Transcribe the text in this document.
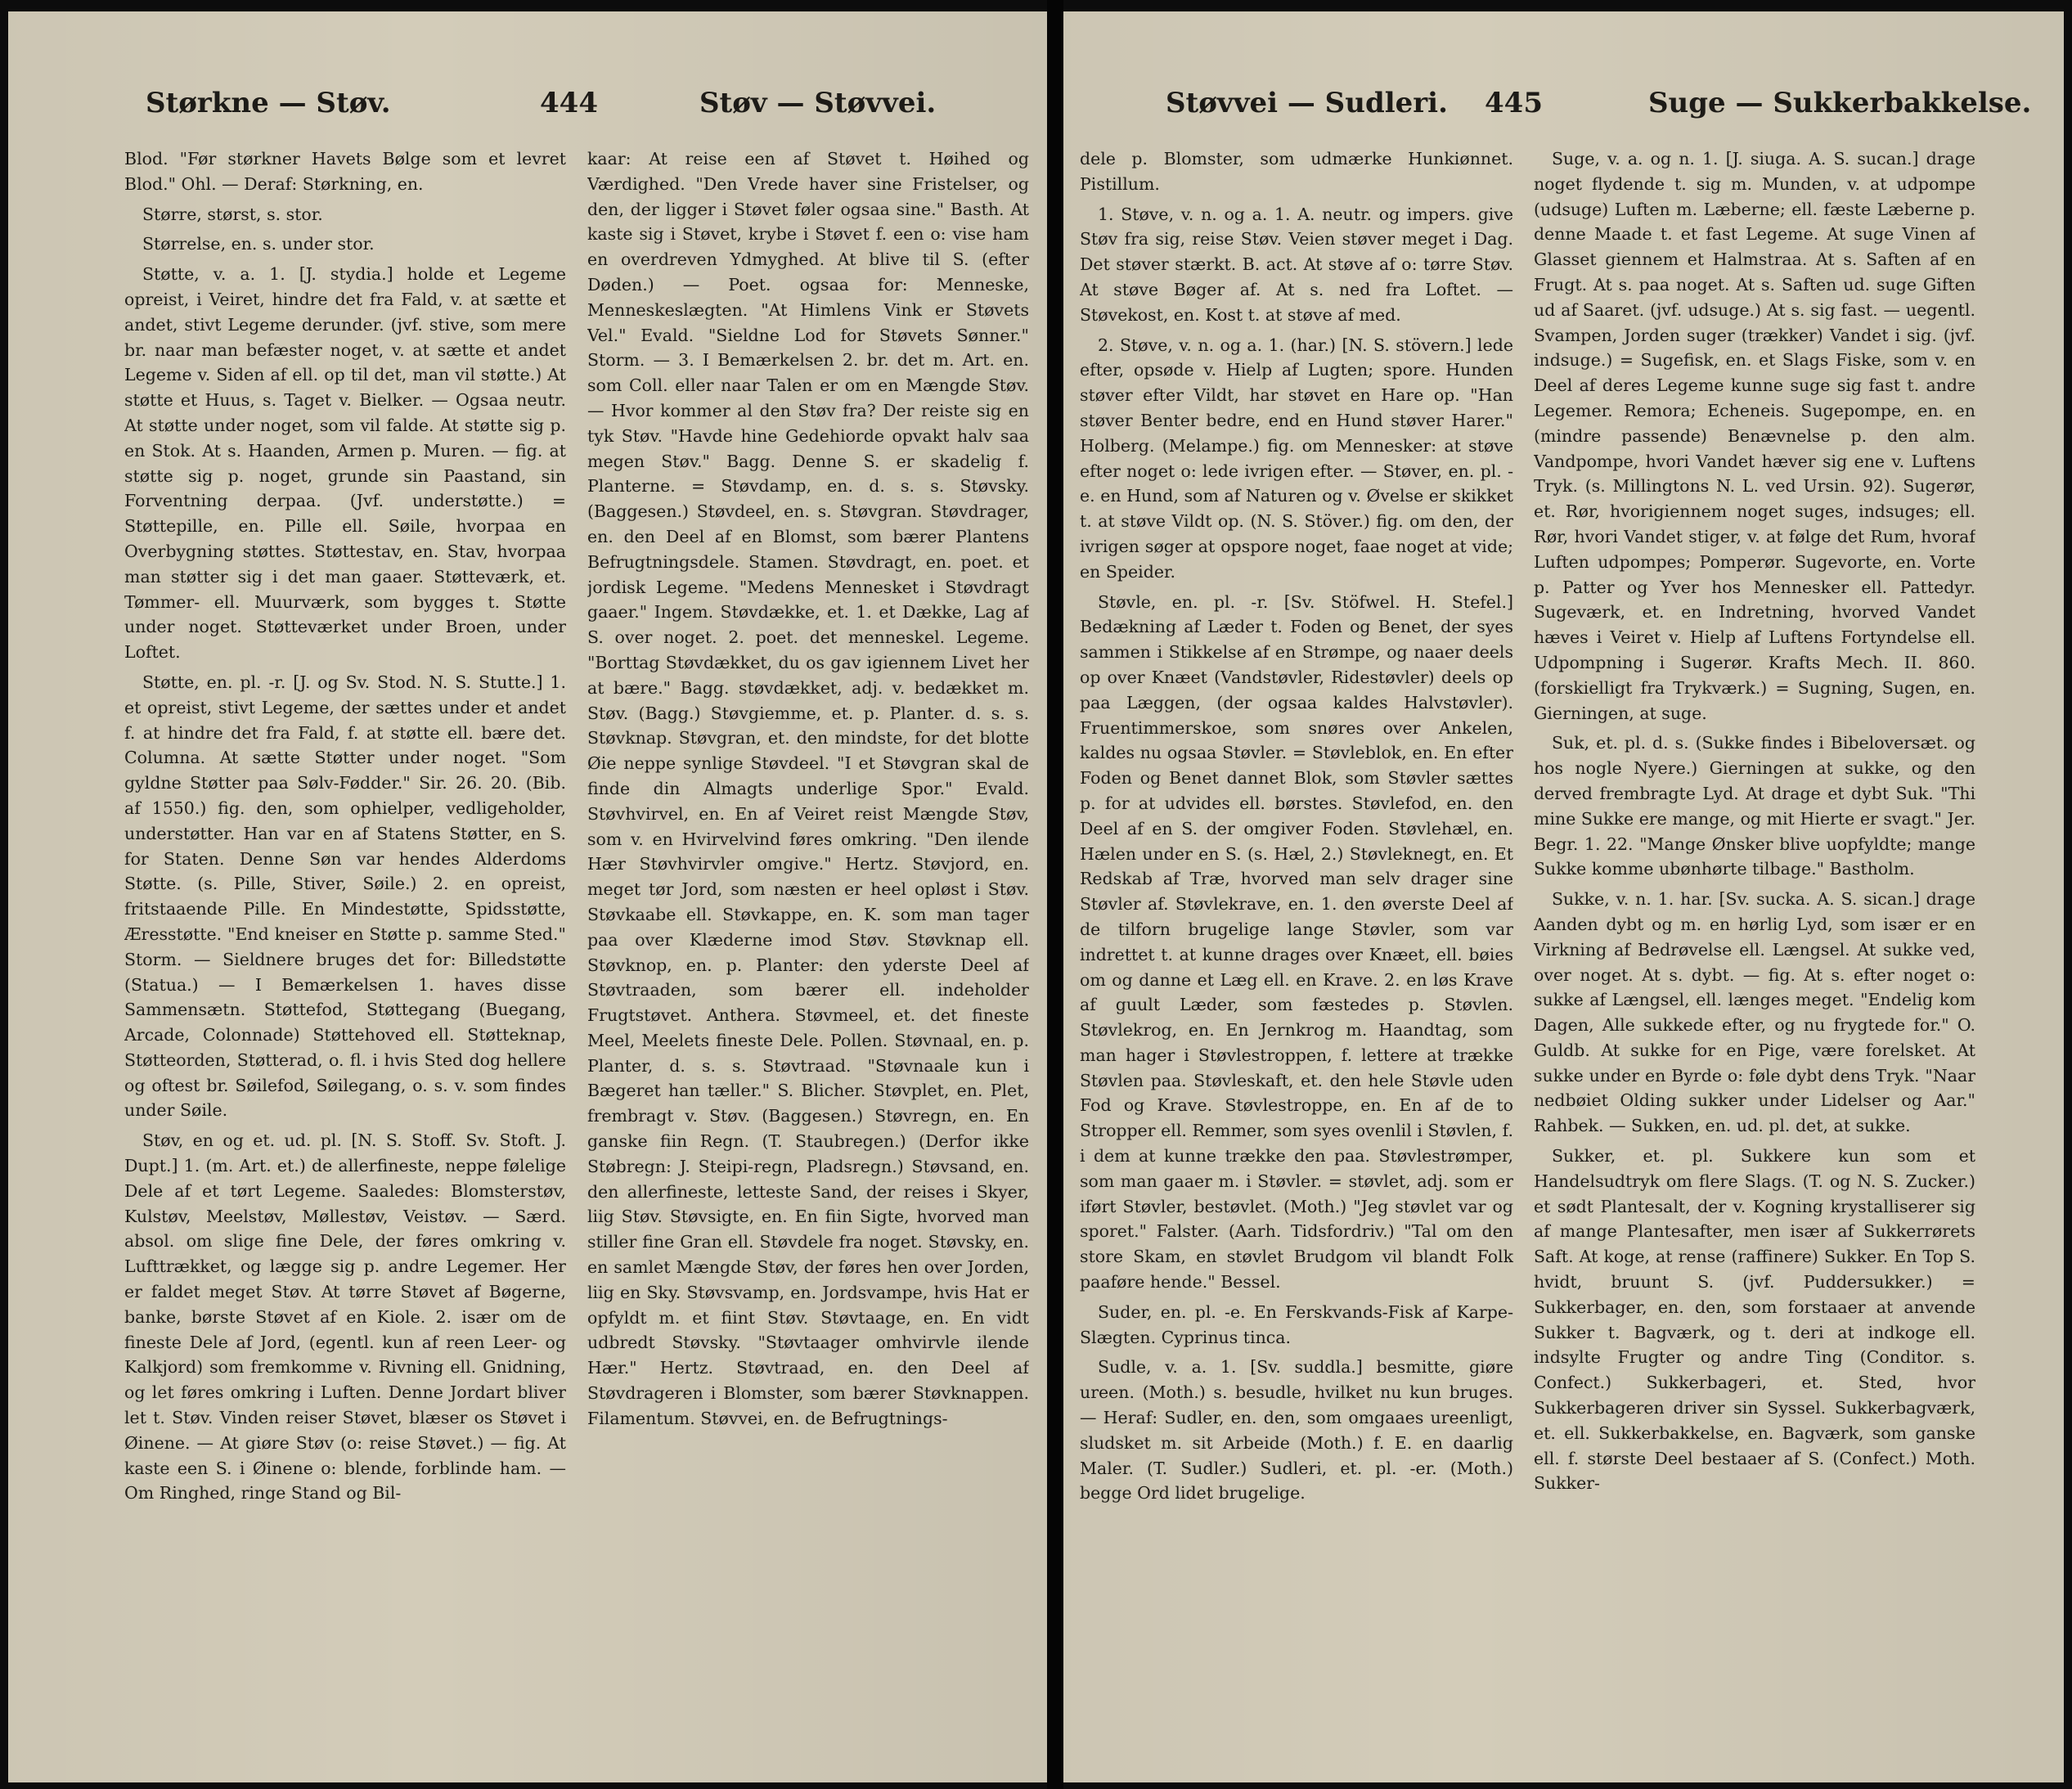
Størkne — Støv.	444	Støv — Støvvei.

Blod. "Før størkner Havets Bølge som et levret Blod." Ohl. — Deraf: Størkning, en.

Større, størst, s. stor.

Størrelse, en. s. under stor.

Støtte, v. a. 1. [J. stydia.] holde et Legeme opreist, i Veiret, hindre det fra Fald, v. at sætte et andet, stivt Legeme derunder. (jvf. stive, som mere br. naar man befæster noget, v. at sætte et andet Legeme v. Siden af ell. op til det, man vil støtte.) At støtte et Huus, s. Taget v. Bielker. — Ogsaa neutr. At støtte under noget, som vil falde. At støtte sig p. en Stok. At s. Haanden, Armen p. Muren. — fig. at støtte sig p. noget, grunde sin Paastand, sin Forventning derpaa. (Jvf. understøtte.) = Støttepille, en. Pille ell. Søile, hvorpaa en Overbygning støttes. Støttestav, en. Stav, hvorpaa man støtter sig i det man gaaer. Støtteværk, et. Tømmer- ell. Muurværk, som bygges t. Støtte under noget. Støtteværket under Broen, under Loftet.

Støtte, en. pl. -r. [J. og Sv. Stod. N. S. Stutte.] 1. et opreist, stivt Legeme, der sættes under et andet f. at hindre det fra Fald, f. at støtte ell. bære det. Columna. At sætte Støtter under noget. "Som gyldne Støtter paa Sølv-Fødder." Sir. 26. 20. (Bib. af 1550.) fig. den, som ophielper, vedligeholder, understøtter. Han var en af Statens Støtter, en S. for Staten. Denne Søn var hendes Alderdoms Støtte. (s. Pille, Stiver, Søile.) 2. en opreist, fritstaaende Pille. En Mindestøtte, Spidsstøtte, Æresstøtte. "End kneiser en Støtte p. samme Sted." Storm. — Sieldnere bruges det for: Billedstøtte (Statua.) — I Bemærkelsen 1. haves disse Sammensætn. Støttefod, Støttegang (Buegang, Arcade, Colonnade) Støttehoved ell. Støtteknap, Støtteorden, Støtterad, o. fl. i hvis Sted dog hellere og oftest br. Søilefod, Søilegang, o. s. v. som findes under Søile.

Støv, en og et. ud. pl. [N. S. Stoff. Sv. Stoft. J. Dupt.] 1. (m. Art. et.) de allerfineste, neppe følelige Dele af et tørt Legeme. Saaledes: Blomsterstøv, Kulstøv, Meelstøv, Møllestøv, Veistøv. — Særd. absol. om slige fine Dele, der føres omkring v. Lufttrækket, og lægge sig p. andre Legemer. Her er faldet meget Støv. At tørre Støvet af Bøgerne, banke, børste Støvet af en Kiole. 2. især om de fineste Dele af Jord, (egentl. kun af reen Leer- og Kalkjord) som fremkomme v. Rivning ell. Gnidning, og let føres omkring i Luften. Denne Jordart bliver let t. Støv. Vinden reiser Støvet, blæser os Støvet i Øinene. — At giøre Støv (o: reise Støvet.) — fig. At kaste een S. i Øinene o: blende, forblinde ham. — Om Ringhed, ringe Stand og Bil-

kaar: At reise een af Støvet t. Høihed og Værdighed. "Den Vrede haver sine Fristelser, og den, der ligger i Støvet føler ogsaa sine." Basth. At kaste sig i Støvet, krybe i Støvet f. een o: vise ham en overdreven Ydmyghed. At blive til S. (efter Døden.) — Poet. ogsaa for: Menneske, Menneskeslægten. "At Himlens Vink er Støvets Vel." Evald. "Sieldne Lod for Støvets Sønner." Storm. — 3. I Bemærkelsen 2. br. det m. Art. en. som Coll. eller naar Talen er om en Mængde Støv. — Hvor kommer al den Støv fra? Der reiste sig en tyk Støv. "Havde hine Gedehiorde opvakt halv saa megen Støv." Bagg. Denne S. er skadelig f. Planterne. = Støvdamp, en. d. s. s. Støvsky. (Baggesen.) Støvdeel, en. s. Støvgran. Støvdrager, en. den Deel af en Blomst, som bærer Plantens Befrugtningsdele. Stamen. Støvdragt, en. poet. et jordisk Legeme. "Medens Mennesket i Støvdragt gaaer." Ingem. Støvdække, et. 1. et Dække, Lag af S. over noget. 2. poet. det menneskel. Legeme. "Borttag Støvdækket, du os gav igiennem Livet her at bære." Bagg. støvdækket, adj. v. bedækket m. Støv. (Bagg.) Støvgiemme, et. p. Planter. d. s. s. Støvknap. Støvgran, et. den mindste, for det blotte Øie neppe synlige Støvdeel. "I et Støvgran skal de finde din Almagts underlige Spor." Evald. Støvhvirvel, en. En af Veiret reist Mængde Støv, som v. en Hvirvelvind føres omkring. "Den ilende Hær Støvhvirvler omgive." Hertz. Støvjord, en. meget tør Jord, som næsten er heel opløst i Støv. Støvkaabe ell. Støvkappe, en. K. som man tager paa over Klæderne imod Støv. Støvknap ell. Støvknop, en. p. Planter: den yderste Deel af Støvtraaden, som bærer ell. indeholder Frugtstøvet. Anthera. Støvmeel, et. det fineste Meel, Meelets fineste Dele. Pollen. Støvnaal, en. p. Planter, d. s. s. Støvtraad. "Støvnaale kun i Bægeret han tæller." S. Blicher. Støvplet, en. Plet, frembragt v. Støv. (Baggesen.) Støvregn, en. En ganske fiin Regn. (T. Staubregen.) (Derfor ikke Støbregn: J. Steipi-regn, Pladsregn.) Støvsand, en. den allerfineste, letteste Sand, der reises i Skyer, liig Støv. Støvsigte, en. En fiin Sigte, hvorved man stiller fine Gran ell. Støvdele fra noget. Støvsky, en. en samlet Mængde Støv, der føres hen over Jorden, liig en Sky. Støvsvamp, en. Jordsvampe, hvis Hat er opfyldt m. et fiint Støv. Støvtaage, en. En vidt udbredt Støvsky. "Støvtaager omhvirvle ilende Hær." Hertz. Støvtraad, en. den Deel af Støvdrageren i Blomster, som bærer Støvknappen. Filamentum. Støvvei, en. de Befrugtnings-

Støvvei — Sudleri. 445	Suge — Sukkerbakkelse.

dele p. Blomster, som udmærke Hunkiønnet. Pistillum.

1. Støve, v. n. og a. 1. A. neutr. og impers. give Støv fra sig, reise Støv. Veien støver meget i Dag. Det støver stærkt. B. act. At støve af o: tørre Støv. At støve Bøger af. At s. ned fra Loftet. — Støvekost, en. Kost t. at støve af med.

2. Støve, v. n. og a. 1. (har.) [N. S. stövern.] lede efter, opsøde v. Hielp af Lugten; spore. Hunden støver efter Vildt, har støvet en Hare op. "Han støver Benter bedre, end en Hund støver Harer." Holberg. (Melampe.) fig. om Mennesker: at støve efter noget o: lede ivrigen efter. — Støver, en. pl. -e. en Hund, som af Naturen og v. Øvelse er skikket t. at støve Vildt op. (N. S. Stöver.) fig. om den, der ivrigen søger at opspore noget, faae noget at vide; en Speider.

Støvle, en. pl. -r. [Sv. Stöfwel. H. Stefel.] Bedækning af Læder t. Foden og Benet, der syes sammen i Stikkelse af en Strømpe, og naaer deels op over Knæet (Vandstøvler, Ridestøvler) deels op paa Læggen, (der ogsaa kaldes Halvstøvler). Fruentimmerskoe, som snøres over Ankelen, kaldes nu ogsaa Støvler. = Støvleblok, en. En efter Foden og Benet dannet Blok, som Støvler sættes p. for at udvides ell. børstes. Støvlefod, en. den Deel af en S. der omgiver Foden. Støvlehæl, en. Hælen under en S. (s. Hæl, 2.) Støvleknegt, en. Et Redskab af Træ, hvorved man selv drager sine Støvler af. Støvlekrave, en. 1. den øverste Deel af de tilforn brugelige lange Støvler, som var indrettet t. at kunne drages over Knæet, ell. bøies om og danne et Læg ell. en Krave. 2. en løs Krave af guult Læder, som fæstedes p. Støvlen. Støvlekrog, en. En Jernkrog m. Haandtag, som man hager i Støvlestroppen, f. lettere at trække Støvlen paa. Støvleskaft, et. den hele Støvle uden Fod og Krave. Støvlestroppe, en. En af de to Stropper ell. Remmer, som syes ovenlil i Støvlen, f. i dem at kunne trække den paa. Støvlestrømper, som man gaaer m. i Støvler. = støvlet, adj. som er iført Støvler, bestøvlet. (Moth.) "Jeg støvlet var og sporet." Falster. (Aarh. Tidsfordriv.) "Tal om den store Skam, en støvlet Brudgom vil blandt Folk paaføre hende." Bessel.

Suder, en. pl. -e. En Ferskvands-Fisk af Karpe-Slægten. Cyprinus tinca.

Sudle, v. a. 1. [Sv. suddla.] besmitte, giøre ureen. (Moth.) s. besudle, hvilket nu kun bruges. — Heraf: Sudler, en. den, som omgaaes ureenligt, sludsket m. sit Arbeide (Moth.) f. E. en daarlig Maler. (T. Sudler.) Sudleri, et. pl. -er. (Moth.) begge Ord lidet brugelige.

Suge, v. a. og n. 1. [J. siuga. A. S. sucan.] drage noget flydende t. sig m. Munden, v. at udpompe (udsuge) Luften m. Læberne; ell. fæste Læberne p. denne Maade t. et fast Legeme. At suge Vinen af Glasset giennem et Halmstraa. At s. Saften af en Frugt. At s. paa noget. At s. Saften ud. suge Giften ud af Saaret. (jvf. udsuge.) At s. sig fast. — uegentl. Svampen, Jorden suger (trækker) Vandet i sig. (jvf. indsuge.) = Sugefisk, en. et Slags Fiske, som v. en Deel af deres Legeme kunne suge sig fast t. andre Legemer. Remora; Echeneis. Sugepompe, en. en (mindre passende) Benævnelse p. den alm. Vandpompe, hvori Vandet hæver sig ene v. Luftens Tryk. (s. Millingtons N. L. ved Ursin. 92). Sugerør, et. Rør, hvorigiennem noget suges, indsuges; ell. Rør, hvori Vandet stiger, v. at følge det Rum, hvoraf Luften udpompes; Pomperør. Sugevorte, en. Vorte p. Patter og Yver hos Mennesker ell. Pattedyr. Sugeværk, et. en Indretning, hvorved Vandet hæves i Veiret v. Hielp af Luftens Fortyndelse ell. Udpompning i Sugerør. Krafts Mech. II. 860. (forskielligt fra Trykværk.) = Sugning, Sugen, en. Gierningen, at suge.

Suk, et. pl. d. s. (Sukke findes i Bibeloversæt. og hos nogle Nyere.) Gierningen at sukke, og den derved frembragte Lyd. At drage et dybt Suk. "Thi mine Sukke ere mange, og mit Hierte er svagt." Jer. Begr. 1. 22. "Mange Ønsker blive uopfyldte; mange Sukke komme ubønhørte tilbage." Bastholm.

Sukke, v. n. 1. har. [Sv. sucka. A. S. sican.] drage Aanden dybt og m. en hørlig Lyd, som især er en Virkning af Bedrøvelse ell. Længsel. At sukke ved, over noget. At s. dybt. — fig. At s. efter noget o: sukke af Længsel, ell. længes meget. "Endelig kom Dagen, Alle sukkede efter, og nu frygtede for." O. Guldb. At sukke for en Pige, være forelsket. At sukke under en Byrde o: føle dybt dens Tryk. "Naar nedbøiet Olding sukker under Lidelser og Aar." Rahbek. — Sukken, en. ud. pl. det, at sukke.

Sukker, et. pl. Sukkere kun som et Handelsudtryk om flere Slags. (T. og N. S. Zucker.) et sødt Plantesalt, der v. Kogning krystalliserer sig af mange Plantesafter, men især af Sukkerrørets Saft. At koge, at rense (raffinere) Sukker. En Top S. hvidt, bruunt S. (jvf. Puddersukker.) = Sukkerbager, en. den, som forstaaer at anvende Sukker t. Bagværk, og t. deri at indkoge ell. indsylte Frugter og andre Ting (Conditor. s. Confect.) Sukkerbageri, et. Sted, hvor Sukkerbageren driver sin Syssel. Sukkerbagværk, et. ell. Sukkerbakkelse, en. Bagværk, som ganske ell. f. største Deel bestaaer af S. (Confect.) Moth. Sukker-
